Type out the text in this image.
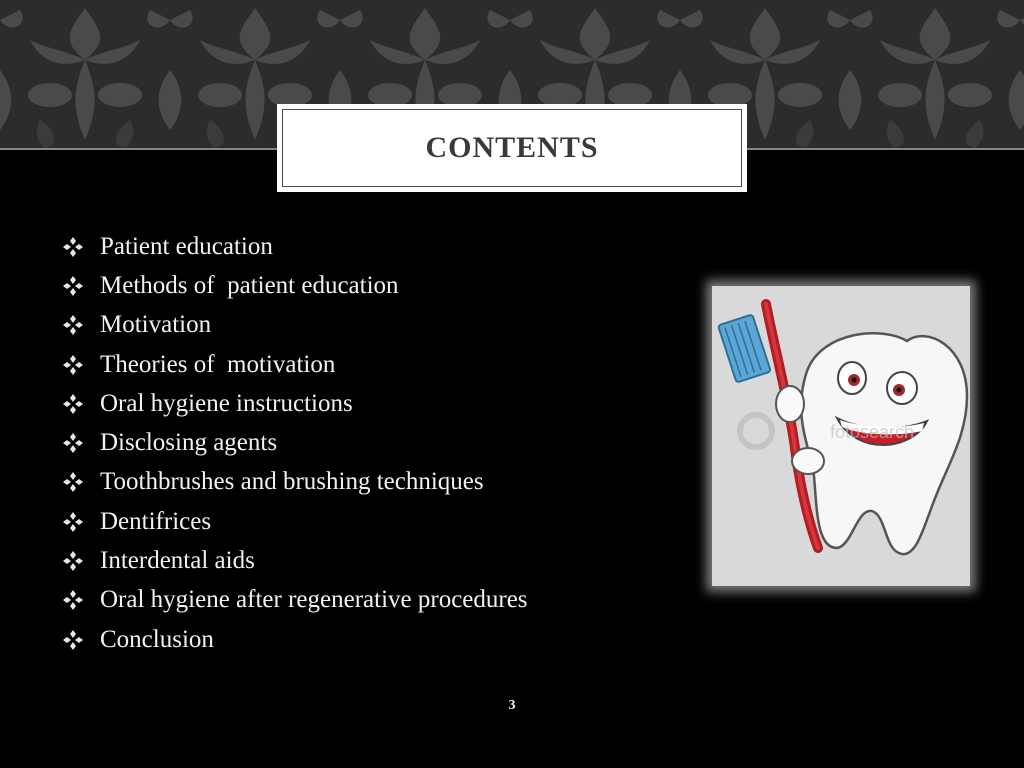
CONTENTS
Patient education
Methods of  patient education
Motivation
Theories of  motivation
Oral hygiene instructions
Disclosing agents
Toothbrushes and brushing techniques
Dentifrices
Interdental aids
Oral hygiene after regenerative procedures
Conclusion
fotosearch
3
